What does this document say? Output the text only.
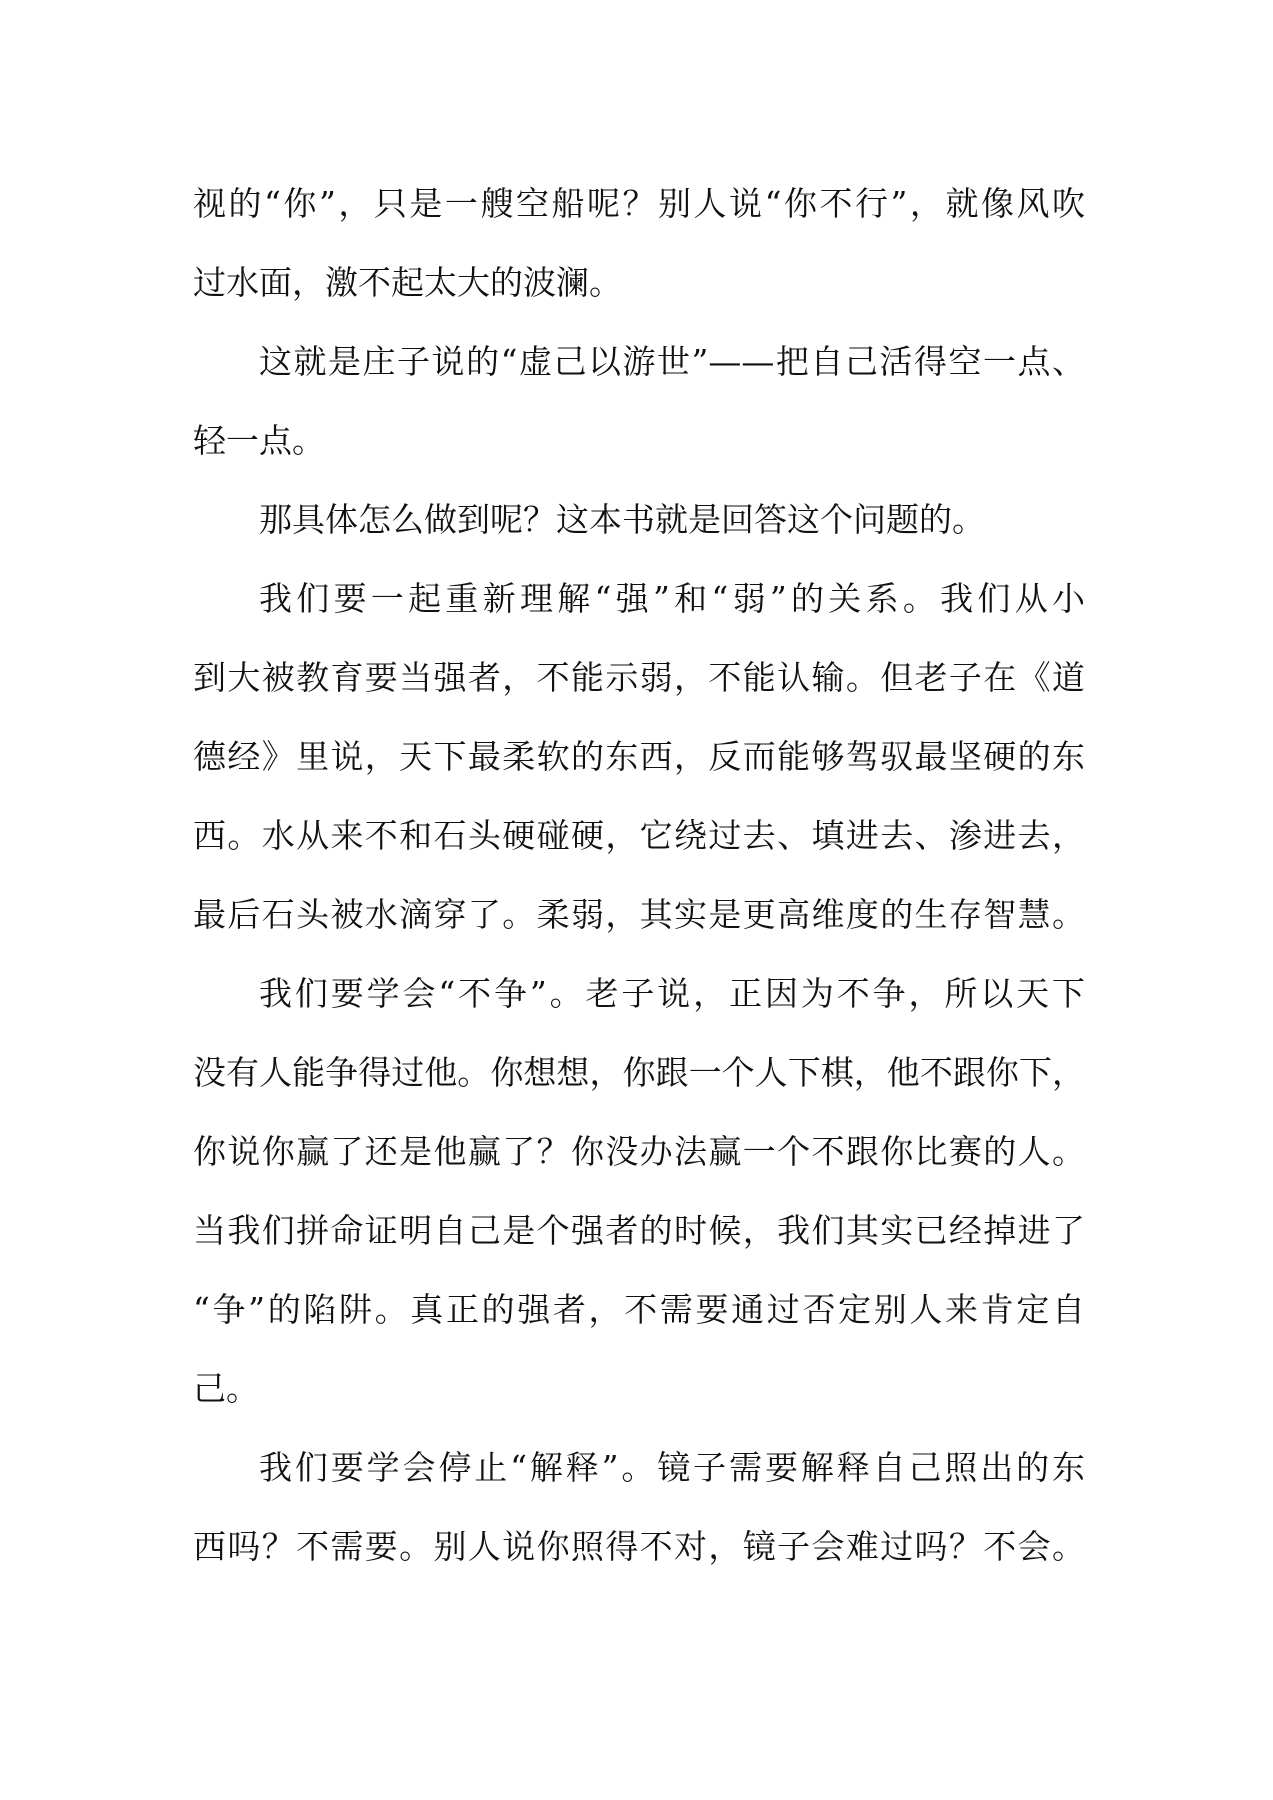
视的“你”，只是一艘空船呢？别人说“你不行”，就像风吹
过水面，激不起太大的波澜。
这就是庄子说的“虚己以游世”——把自己活得空一点、
轻一点。
那具体怎么做到呢？这本书就是回答这个问题的。
我们要一起重新理解“强”和“弱”的关系。我们从小
到大被教育要当强者，不能示弱，不能认输。但老子在《道
德经》里说，天下最柔软的东西，反而能够驾驭最坚硬的东
西。水从来不和石头硬碰硬，它绕过去、填进去、渗进去，
最后石头被水滴穿了。柔弱，其实是更高维度的生存智慧。
我们要学会“不争”。老子说，正因为不争，所以天下
没有人能争得过他。你想想，你跟一个人下棋，他不跟你下，
你说你赢了还是他赢了？你没办法赢一个不跟你比赛的人。
当我们拼命证明自己是个强者的时候，我们其实已经掉进了
“争”的陷阱。真正的强者，不需要通过否定别人来肯定自
己。
我们要学会停止“解释”。镜子需要解释自己照出的东
西吗？不需要。别人说你照得不对，镜子会难过吗？不会。
